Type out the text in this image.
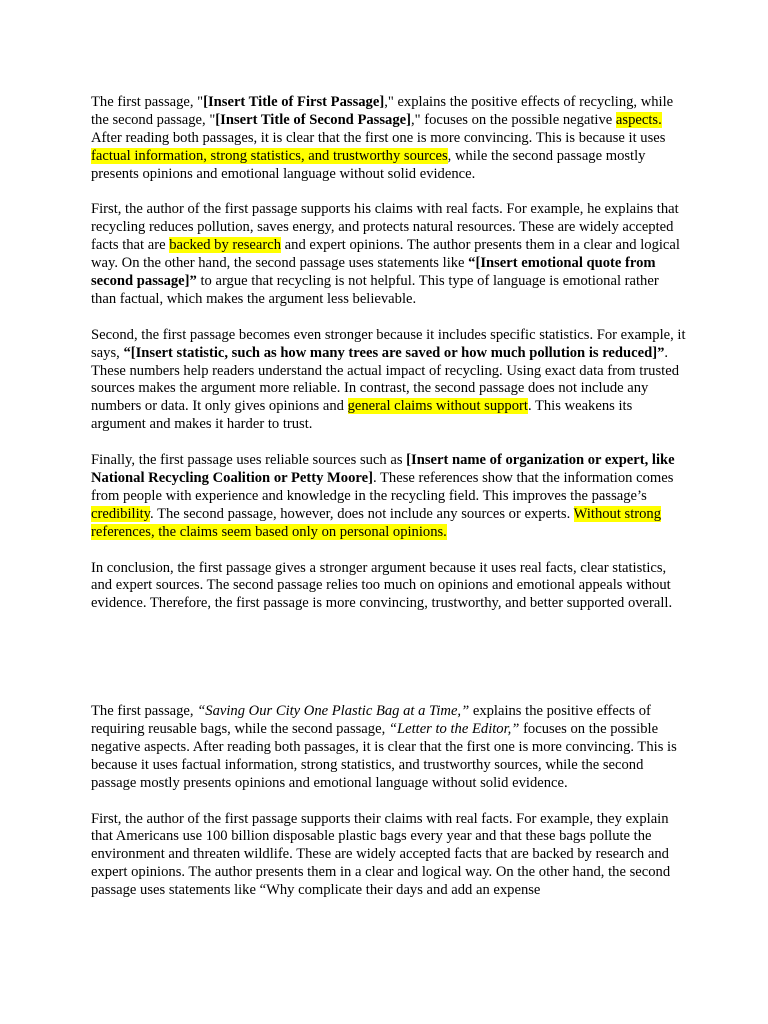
The first passage, "[Insert Title of First Passage]," explains the positive effects of recycling, while the second passage, "[Insert Title of Second Passage]," focuses on the possible negative aspects. After reading both passages, it is clear that the first one is more convincing. This is because it uses factual information, strong statistics, and trustworthy sources, while the second passage mostly presents opinions and emotional language without solid evidence.

First, the author of the first passage supports his claims with real facts. For example, he explains that recycling reduces pollution, saves energy, and protects natural resources. These are widely accepted facts that are backed by research and expert opinions. The author presents them in a clear and logical way. On the other hand, the second passage uses statements like “[Insert emotional quote from second passage]” to argue that recycling is not helpful. This type of language is emotional rather than factual, which makes the argument less believable.

Second, the first passage becomes even stronger because it includes specific statistics. For example, it says, “[Insert statistic, such as how many trees are saved or how much pollution is reduced]”. These numbers help readers understand the actual impact of recycling. Using exact data from trusted sources makes the argument more reliable. In contrast, the second passage does not include any numbers or data. It only gives opinions and general claims without support. This weakens its argument and makes it harder to trust.

Finally, the first passage uses reliable sources such as [Insert name of organization or expert, like National Recycling Coalition or Petty Moore]. These references show that the information comes from people with experience and knowledge in the recycling field. This improves the passage’s credibility. The second passage, however, does not include any sources or experts. Without strong references, the claims seem based only on personal opinions.

In conclusion, the first passage gives a stronger argument because it uses real facts, clear statistics, and expert sources. The second passage relies too much on opinions and emotional appeals without evidence. Therefore, the first passage is more convincing, trustworthy, and better supported overall.

The first passage, “Saving Our City One Plastic Bag at a Time,” explains the positive effects of requiring reusable bags, while the second passage, “Letter to the Editor,” focuses on the possible negative aspects. After reading both passages, it is clear that the first one is more convincing. This is because it uses factual information, strong statistics, and trustworthy sources, while the second passage mostly presents opinions and emotional language without solid evidence.

First, the author of the first passage supports their claims with real facts. For example, they explain that Americans use 100 billion disposable plastic bags every year and that these bags pollute the environment and threaten wildlife. These are widely accepted facts that are backed by research and expert opinions. The author presents them in a clear and logical way. On the other hand, the second passage uses statements like “Why complicate their days and add an expense
